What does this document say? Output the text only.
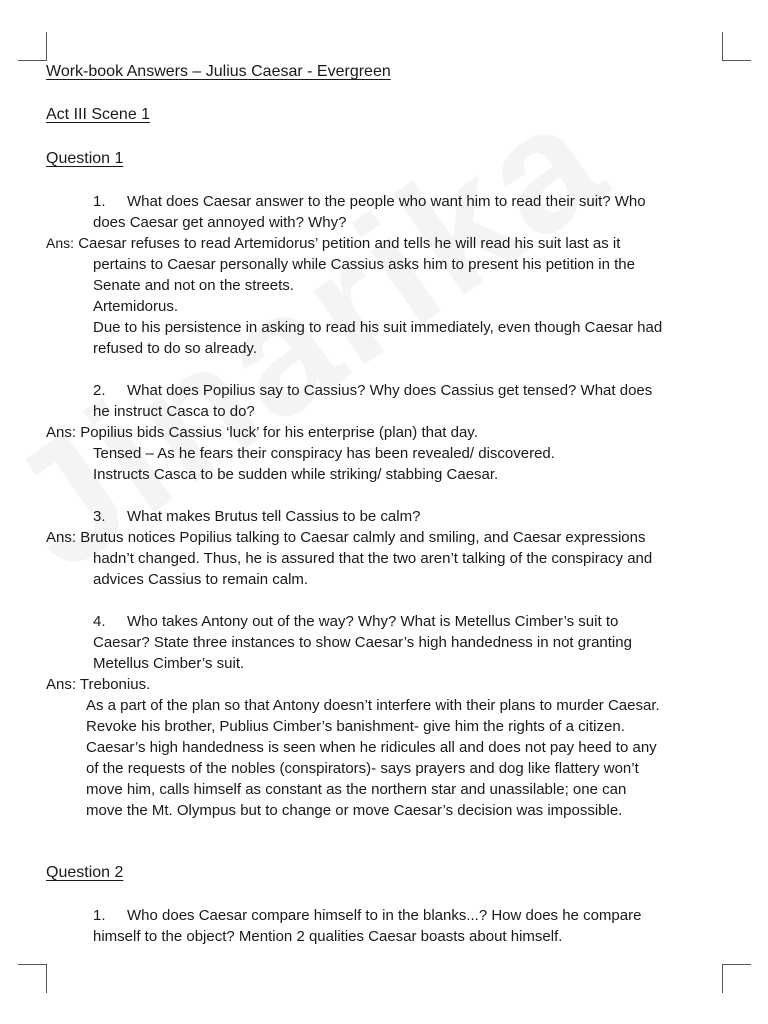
Work-book Answers – Julius Caesar - Evergreen
Act III Scene 1
Question 1
1. What does Caesar answer to the people who want him to read their suit? Who
does Caesar get annoyed with? Why?
Ans: Caesar refuses to read Artemidorus’ petition and tells he will read his suit last as it
pertains to Caesar personally while Cassius asks him to present his petition in the
Senate and not on the streets.
Artemidorus.
Due to his persistence in asking to read his suit immediately, even though Caesar had
refused to do so already.
2. What does Popilius say to Cassius? Why does Cassius get tensed? What does
he instruct Casca to do?
Ans: Popilius bids Cassius ‘luck’ for his enterprise (plan) that day.
Tensed – As he fears their conspiracy has been revealed/ discovered.
Instructs Casca to be sudden while striking/ stabbing Caesar.
3. What makes Brutus tell Cassius to be calm?
Ans: Brutus notices Popilius talking to Caesar calmly and smiling, and Caesar expressions
hadn’t changed. Thus, he is assured that the two aren’t talking of the conspiracy and
advices Cassius to remain calm.
4. Who takes Antony out of the way? Why? What is Metellus Cimber’s suit to
Caesar? State three instances to show Caesar’s high handedness in not granting
Metellus Cimber’s suit.
Ans: Trebonius.
As a part of the plan so that Antony doesn’t interfere with their plans to murder Caesar.
Revoke his brother, Publius Cimber’s banishment- give him the rights of a citizen.
Caesar’s high handedness is seen when he ridicules all and does not pay heed to any
of the requests of the nobles (conspirators)- says prayers and dog like flattery won’t
move him, calls himself as constant as the northern star and unassilable; one can
move the Mt. Olympus but to change or move Caesar’s decision was impossible.
Question 2
1. Who does Caesar compare himself to in the blanks...? How does he compare
himself to the object? Mention 2 qualities Caesar boasts about himself.
